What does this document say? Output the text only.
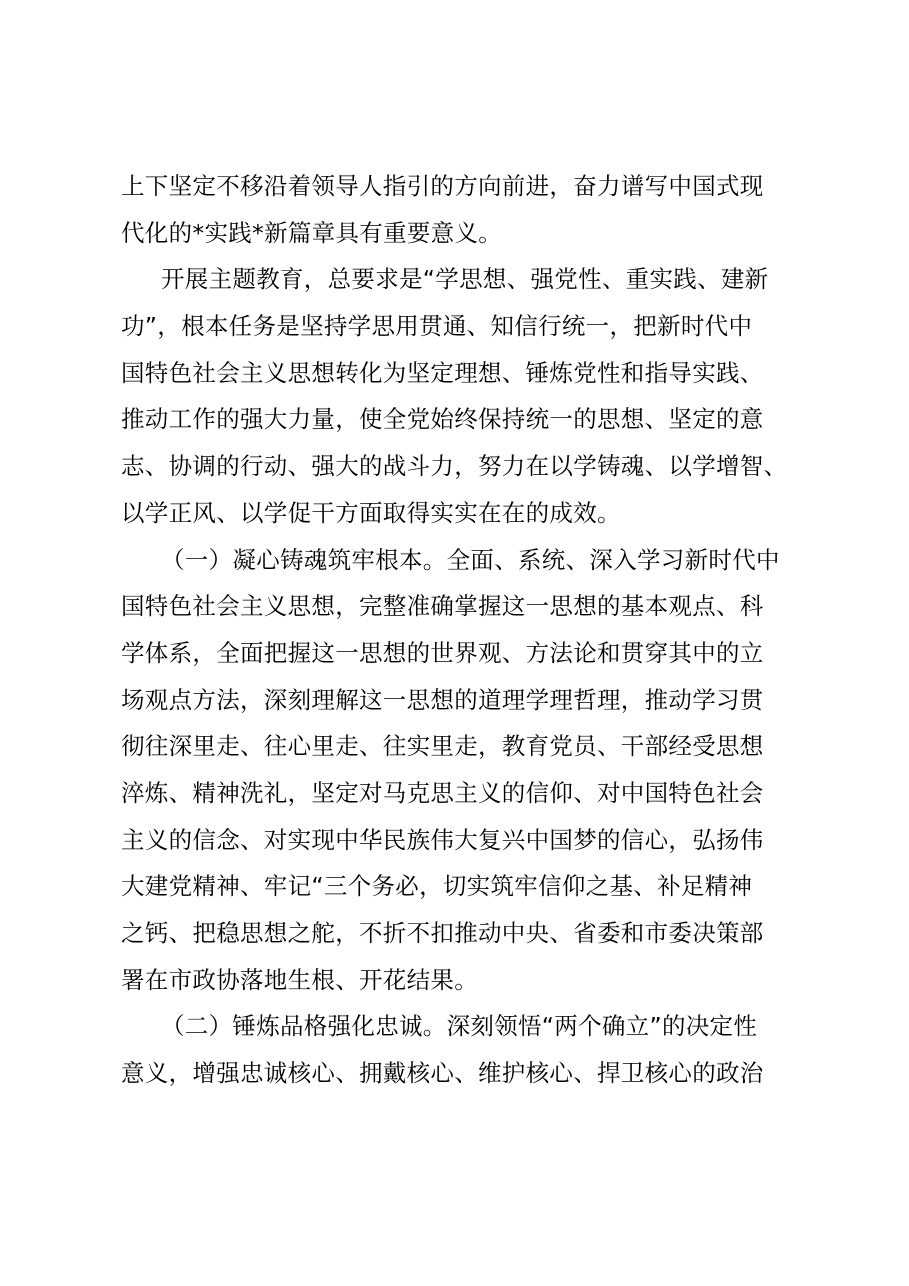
上下坚定不移沿着领导人指引的方向前进，奋力谱写中国式现
代化的*实践*新篇章具有重要意义。
开展主题教育，总要求是“学思想、强党性、重实践、建新
功”，根本任务是坚持学思用贯通、知信行统一，把新时代中
国特色社会主义思想转化为坚定理想、锤炼党性和指导实践、
推动工作的强大力量，使全党始终保持统一的思想、坚定的意
志、协调的行动、强大的战斗力，努力在以学铸魂、以学增智、
以学正风、以学促干方面取得实实在在的成效。
（一）凝心铸魂筑牢根本。全面、系统、深入学习新时代中
国特色社会主义思想，完整准确掌握这一思想的基本观点、科
学体系，全面把握这一思想的世界观、方法论和贯穿其中的立
场观点方法，深刻理解这一思想的道理学理哲理，推动学习贯
彻往深里走、往心里走、往实里走，教育党员、干部经受思想
淬炼、精神洗礼，坚定对马克思主义的信仰、对中国特色社会
主义的信念、对实现中华民族伟大复兴中国梦的信心，弘扬伟
大建党精神、牢记“三个务必，切实筑牢信仰之基、补足精神
之钙、把稳思想之舵，不折不扣推动中央、省委和市委决策部
署在市政协落地生根、开花结果。
（二）锤炼品格强化忠诚。深刻领悟“两个确立”的决定性
意义，增强忠诚核心、拥戴核心、维护核心、捍卫核心的政治
